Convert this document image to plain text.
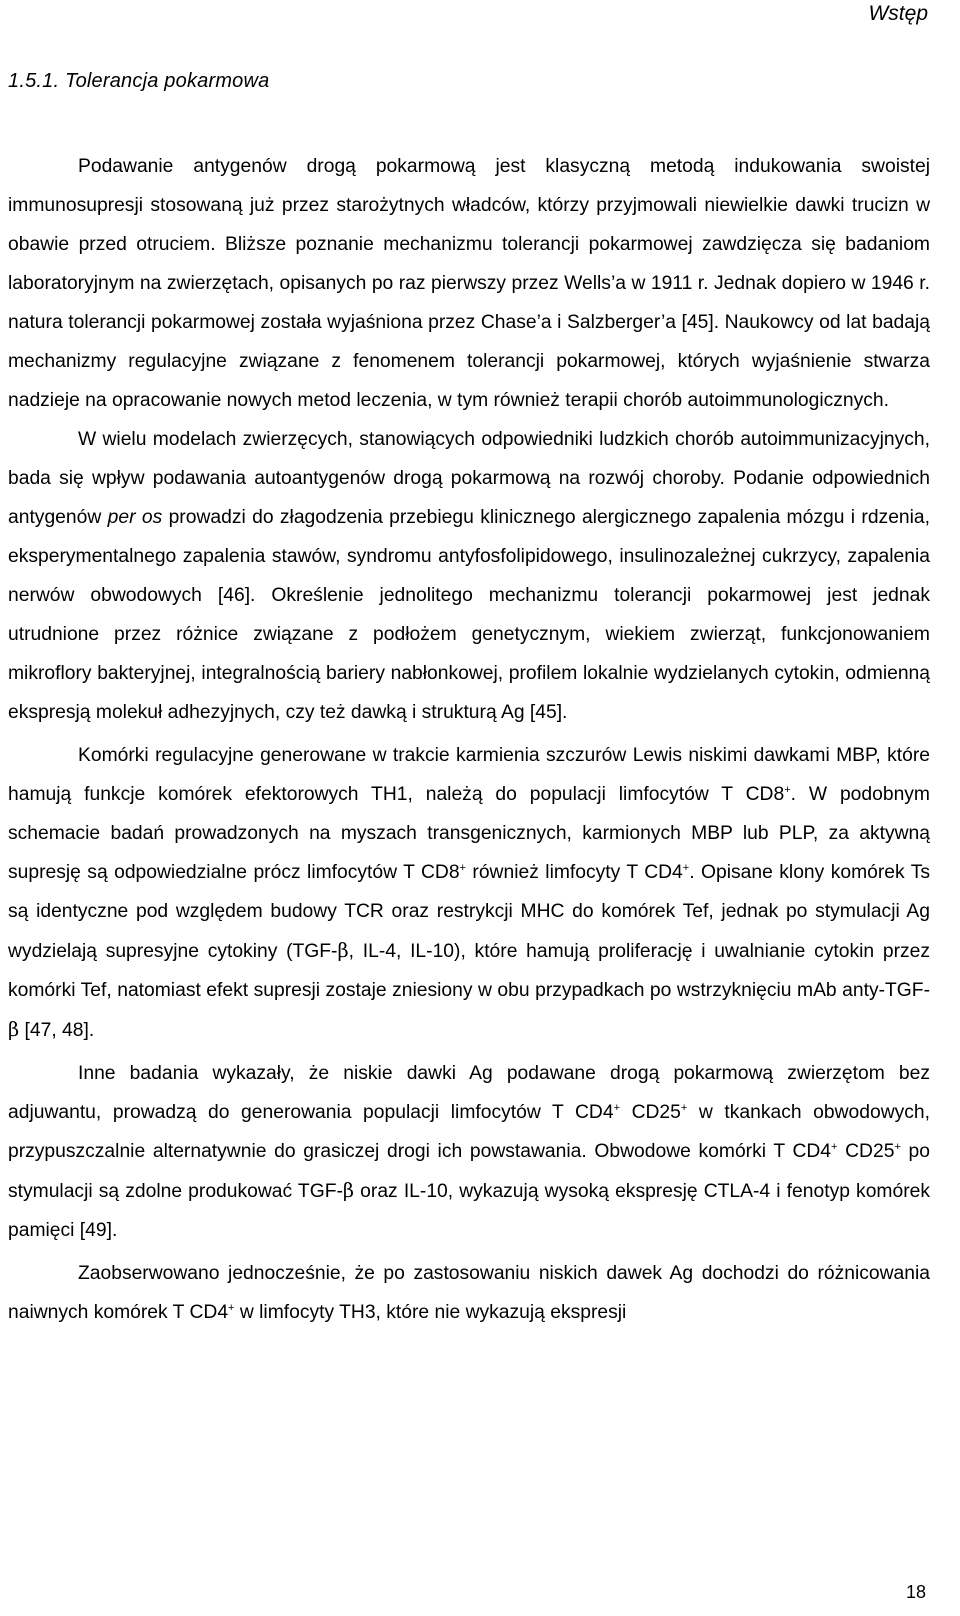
Wstęp
1.5.1. Tolerancja pokarmowa

Podawanie antygenów drogą pokarmową jest klasyczną metodą indukowania swoistej immunosupresji stosowaną już przez starożytnych władców, którzy przyjmowali niewielkie dawki trucizn w obawie przed otruciem. Bliższe poznanie mechanizmu tolerancji pokarmowej zawdzięcza się badaniom laboratoryjnym na zwierzętach, opisanych po raz pierwszy przez Wells’a w 1911 r. Jednak dopiero w 1946 r. natura tolerancji pokarmowej została wyjaśniona przez Chase’a i Salzberger’a [45]. Naukowcy od lat badają mechanizmy regulacyjne związane z fenomenem tolerancji pokarmowej, których wyjaśnienie stwarza nadzieje na opracowanie nowych metod leczenia, w tym również terapii chorób autoimmunologicznych.

W wielu modelach zwierzęcych, stanowiących odpowiedniki ludzkich chorób autoimmunizacyjnych, bada się wpływ podawania autoantygenów drogą pokarmową na rozwój choroby. Podanie odpowiednich antygenów per os prowadzi do złagodzenia przebiegu klinicznego alergicznego zapalenia mózgu i rdzenia, eksperymentalnego zapalenia stawów, syndromu antyfosfolipidowego, insulinozależnej cukrzycy, zapalenia nerwów obwodowych [46]. Określenie jednolitego mechanizmu tolerancji pokarmowej jest jednak utrudnione przez różnice związane z podłożem genetycznym, wiekiem zwierząt, funkcjonowaniem mikroflory bakteryjnej, integralnością bariery nabłonkowej, profilem lokalnie wydzielanych cytokin, odmienną ekspresją molekuł adhezyjnych, czy też dawką i strukturą Ag [45].

Komórki regulacyjne generowane w trakcie karmienia szczurów Lewis niskimi dawkami MBP, które hamują funkcje komórek efektorowych TH1, należą do populacji limfocytów T CD8+. W podobnym schemacie badań prowadzonych na myszach transgenicznych, karmionych MBP lub PLP, za aktywną supresję są odpowiedzialne prócz limfocytów T CD8+ również limfocyty T CD4+. Opisane klony komórek Ts są identyczne pod względem budowy TCR oraz restrykcji MHC do komórek Tef, jednak po stymulacji Ag wydzielają supresyjne cytokiny (TGF-β, IL-4, IL-10), które hamują proliferację i uwalnianie cytokin przez komórki Tef, natomiast efekt supresji zostaje zniesiony w obu przypadkach po wstrzyknięciu mAb anty-TGF-β [47, 48].

Inne badania wykazały, że niskie dawki Ag podawane drogą pokarmową zwierzętom bez adjuwantu, prowadzą do generowania populacji limfocytów T CD4+ CD25+ w tkankach obwodowych, przypuszczalnie alternatywnie do grasiczej drogi ich powstawania. Obwodowe komórki T CD4+ CD25+ po stymulacji są zdolne produkować TGF-β oraz IL-10, wykazują wysoką ekspresję CTLA-4 i fenotyp komórek pamięci [49].

Zaobserwowano jednocześnie, że po zastosowaniu niskich dawek Ag dochodzi do różnicowania naiwnych komórek T CD4+ w limfocyty TH3, które nie wykazują ekspresji

18
